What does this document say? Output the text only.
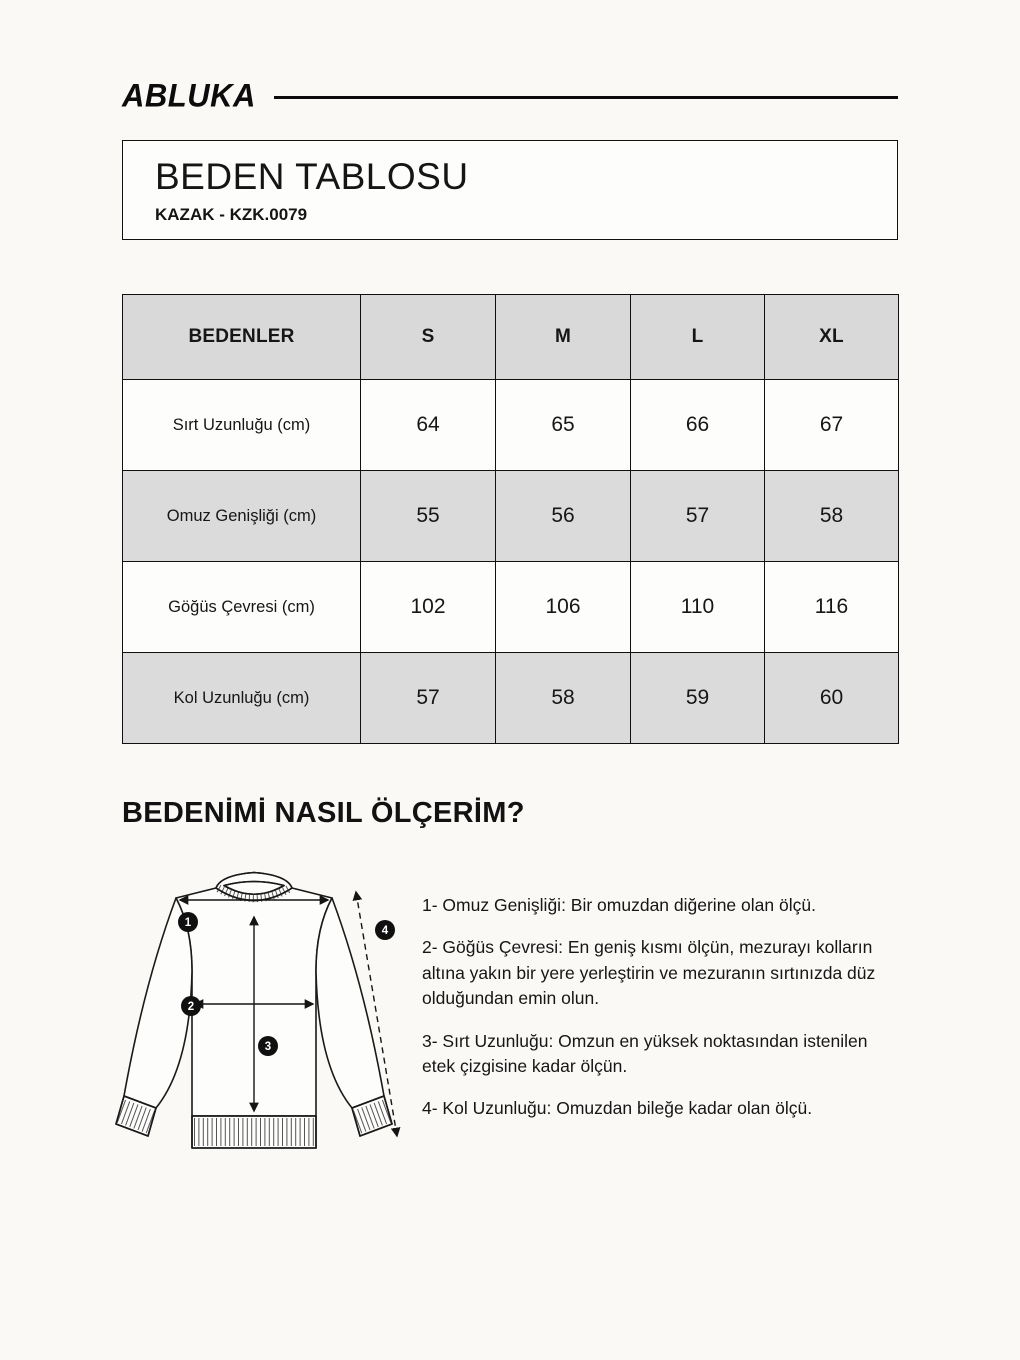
ABLUKA
BEDEN TABLOSU
KAZAK - KZK.0079
BEDENLER	S	M	L	XL
Sırt Uzunluğu (cm)	64	65	66	67
Omuz Genişliği (cm)	55	56	57	58
Göğüs Çevresi (cm)	102	106	110	116
Kol Uzunluğu (cm)	57	58	59	60
BEDENİMİ NASIL ÖLÇERİM?
1
2
3
4

1- Omuz Genişliği: Bir omuzdan diğerine olan ölçü.

2- Göğüs Çevresi: En geniş kısmı ölçün, mezurayı kolların altına yakın bir yere yerleştirin ve mezuranın sırtınızda düz olduğundan emin olun.

3- Sırt Uzunluğu: Omzun en yüksek noktasından istenilen etek çizgisine kadar ölçün.

4- Kol Uzunluğu: Omuzdan bileğe kadar olan ölçü.
